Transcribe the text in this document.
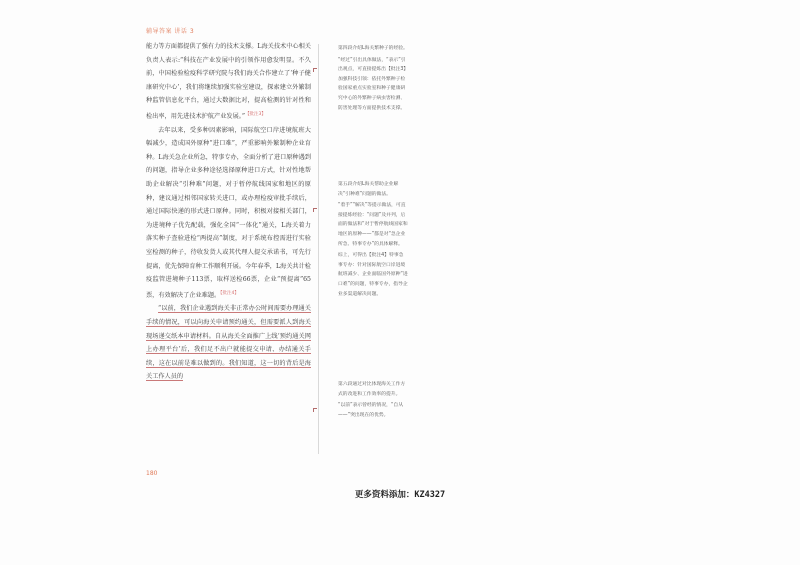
辅导答案 讲话 3

能力等方面都提供了强有力的技术支撑。L海关技术中心相关负责人表示:“科技在产业发展中的引领作用愈发明显。不久前，中国检验检疫科学研究院与我们海关合作建立了‘种子健康研究中心’，我们将继续加强实验室建设，探索建立外繁制种监管信息化平台，通过大数据比对，提高检测的针对性和检出率，用先进技术护航产业发展。”$^{【批注3】}$

去年以来，受多种因素影响，国际航空口岸进境航班大幅减少，造成国外原种“进口难”，严重影响外繁制种企业育种。L海关急企业所急，特事专办，全面分析了进口原种遇到的问题，指导企业多种途径选择原种进口方式，针对性地帮助企业解决“引种难”问题，对于暂停航线国家和地区的原种，建议通过相邻国家转关进口，或办理检疫审批手续后，通过国际快递的形式进口原种。同时，积极对接相关部门，为进境种子优先配载，强化全国“一体化”通关，L海关着力落实种子查验进检“两提高”制度，对于系统布控需进行实验室检测的种子，待收发货人或其代理人提交承诺书，可先行提离，优先保障育种工作顺利开展。今年春季，L海关共计检疫监管进境种子113票，取样送检66票，企业“预提离”65票，有效解决了企业难题。$^{【批注4】}$

“以前，我们企业遇到海关非正常办公时间需要办理通关手续的情况，可以向海关申请预约通关，但需要派人到海关现场递交纸本申请材料。自从海关全面推广上线‘预约通关网上办理平台’后，我们足不出户就能提交申请、办结通关手续，这在以前是难以做到的。我们知道，这一切的背后是海关工作人员的

第四段介绍L海关繁种子的经验。

“经过”引出具体做法，“表示”引出观点，可直接提炼出【批注3】加强科技引领：依托外繁种子检验国家重点实验室和种子健康研究中心的外繁种子病虫害检测、防害处理等方面提供技术支撑。

第五段介绍L海关帮助企业解决“引种难”问题的做法。

“着手”“解决”等提示做法，可直接提炼经验：“问题”及并列，后面的做法和“对于暂停航线国家和地区的原种——”都是对“急企业所急、特事专办”的具体解释。

综上，可得出【批注4】特事急事专办：针对国际航空口岸进境航班减少、企业面临国外原种“进口难”的问题，特事专办，指导企业多渠道解决问题。

第六段通过对比体现海关工作方式的改进和工作效率的提升。

“以前”表示曾经的情况，“自从——”突出现在的优势。

180
更多资料添加：KZ4327
